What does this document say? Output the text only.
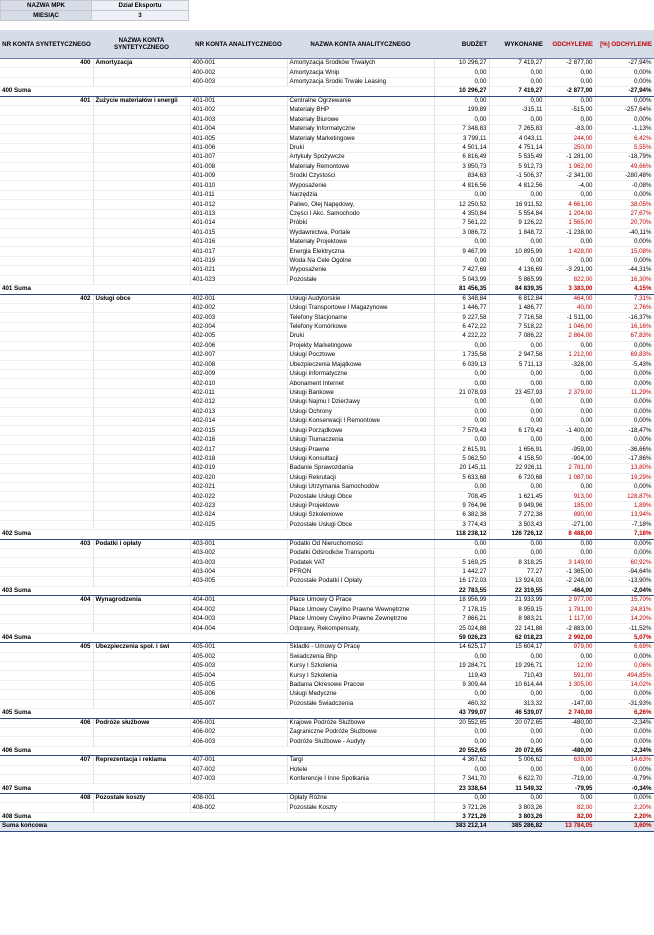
NAZWA MPK	Dział Eksportu
MIESIĄC	3
NR KONTA SYNTETYCZNEGO	NAZWA KONTA SYNTETYCZNEGO	NR KONTA ANALITYCZNEGO	NAZWA KONTA ANALITYCZNEGO	BUDŻET	WYKONANIE	ODCHYLENIE	[%] ODCHYLENIE
400	Amortyzacja	400-001	Amortyzacja Środków Trwałych	10 296,27	7 419,27	-2 877,00	-27,94%
		400-002	Amortyzacja Wnip	0,00	0,00	0,00	0,00%
		400-003	Amortyzacja Środki Trwałe Leasing	0,00	0,00	0,00	0,00%
400 Suma				10 296,27	7 419,27	-2 877,00	-27,94%
401	Zużycie materiałów i energii	401-001	Centralne Ogrzewanie	0,00	0,00	0,00	0,00%
		401-002	Materiały BHP	199,89	-315,11	-515,00	-257,64%
		401-003	Materiały Biurowe	0,00	0,00	0,00	0,00%
		401-004	Materiały Informatyczne	7 348,83	7 265,83	-83,00	-1,13%
		401-005	Materiały Marketingowe	3 799,11	4 043,11	244,00	6,42%
		401-006	Druki	4 501,14	4 751,14	250,00	5,55%
		401-007	Artykuły Spożywcze	6 816,49	5 535,49	-1 281,00	-18,79%
		401-008	Materiały Remontowe	3 950,73	5 912,73	1 962,00	49,66%
		401-009	Środki Czystości	834,63	-1 506,37	-2 341,00	-280,48%
		401-010	Wyposażenie	4 816,56	4 812,56	-4,00	-0,08%
		401-011	Narzędzia	0,00	0,00	0,00	0,00%
		401-012	Paliwo, Olej Napędowy,	12 250,52	16 911,52	4 661,00	38,05%
		401-013	Części I Akc. Samochodo	4 350,84	5 554,84	1 204,00	27,67%
		401-014	Próbki	7 561,22	9 126,22	1 565,00	20,70%
		401-015	Wydawnictwa, Portale	3 086,72	1 848,72	-1 238,00	-40,11%
		401-016	Materiały Projektowe	0,00	0,00	0,00	0,00%
		401-017	Energia Elektryczna	9 467,99	10 895,99	1 428,00	15,08%
		401-019	Woda Na Cele Ogólne	0,00	0,00	0,00	0,00%
		401-021	Wyposażenie	7 427,69	4 136,69	-3 291,00	-44,31%
		401-023	Pozostałe	5 043,99	5 865,99	822,00	16,30%
401 Suma				81 456,35	84 839,35	3 383,00	4,15%
402	Usługi obce	402-001	Usługi Audytorskie	6 348,84	6 812,84	464,00	7,31%
		402-002	Usługi Transportowe I Magazynowe	1 446,77	1 486,77	40,00	2,76%
		402-003	Telefony Stacjonarne	9 227,58	7 716,58	-1 511,00	-16,37%
		402-004	Telefony Komórkowe	6 472,22	7 518,22	1 046,00	16,16%
		402-005	Druki	4 222,22	7 086,22	2 864,00	67,83%
		402-006	Projekty Marketingowe	0,00	0,00	0,00	0,00%
		402-007	Usługi Pocztowe	1 735,58	2 947,58	1 212,00	69,83%
		402-008	Ubezpieczenia Majątkowe	6 039,13	5 711,13	-328,00	-5,43%
		402-009	Usługi Informatyczne	0,00	0,00	0,00	0,00%
		402-010	Abonament Internet	0,00	0,00	0,00	0,00%
		402-011	Usługi Bankowe	21 078,93	23 457,93	2 379,00	11,29%
		402-012	Usługi Najmu I Dzierżawy	0,00	0,00	0,00	0,00%
		402-013	Usługi Ochrony	0,00	0,00	0,00	0,00%
		402-014	Usługi Konserwacji I Remontowe	0,00	0,00	0,00	0,00%
		402-015	Usługi Porządkowe	7 579,43	6 179,43	-1 400,00	-18,47%
		402-016	Usługi Tłumaczenia	0,00	0,00	0,00	0,00%
		402-017	Usługi Prawne	2 615,91	1 656,91	-959,00	-36,66%
		402-018	Usługi Konsultacji	5 062,50	4 158,50	-904,00	-17,86%
		402-019	Badanie Sprawozdania	20 145,11	22 926,11	2 781,00	13,80%
		402-020	Usługi Rekrutacji	5 633,68	6 720,68	1 087,00	19,29%
		402-021	Usługi Utrzymania Samochodów	0,00	0,00	0,00	0,00%
		402-022	Pozostałe Usługi Obce	708,45	1 621,45	913,00	128,87%
		402-023	Usługi Projektowe	9 764,96	9 949,96	185,00	1,89%
		402-024	Usługi Szkoleniowe	6 382,38	7 272,38	890,00	13,94%
		402-025	Pozostałe Usługi Obce	3 774,43	3 503,43	-271,00	-7,18%
402 Suma				118 238,12	126 726,12	8 488,00	7,18%
403	Podatki i opłaty	403-001	Podatki Od Nieruchomości	0,00	0,00	0,00	0,00%
		403-002	Podatki Odśrodków Transportu	0,00	0,00	0,00	0,00%
		403-003	Podatek VAT	5 169,25	8 318,25	3 149,00	60,92%
		403-004	PFRON	1 442,27	77,27	-1 365,00	-94,64%
		403-005	Pozostałe Podatki I Opłaty	16 172,03	13 924,03	-2 248,00	-13,90%
403 Suma				22 783,55	22 319,55	-464,00	-2,04%
404	Wynagrodzenia	404-001	Płace Umowy O Prace	18 956,99	21 933,99	2 977,00	15,70%
		404-002	Płace Umowy Cwyilno Prawne Wewnętrzne	7 178,15	8 959,15	1 781,00	24,81%
		404-003	Płace Umowy Cwyilno Prawne Zewnętrzne	7 866,21	8 983,21	1 117,00	14,20%
		404-004	Odprawy, Rekompensaty,	25 024,88	22 141,88	-2 883,00	-11,52%
404 Suma				59 026,23	62 018,23	2 992,00	5,07%
405	Ubezpieczenia społ. i świ	405-001	Składki - Umowy O Pracę	14 625,17	15 604,17	979,00	6,69%
		405-002	Świadczenia Bhp	0,00	0,00	0,00	0,00%
		405-003	Kursy I Szkolenia	19 284,71	19 296,71	12,00	0,06%
		405-004	Kursy I Szkolenia	119,43	710,43	591,00	494,85%
		405-005	Badania Okresowe Pracow	9 309,44	10 614,44	1 305,00	14,02%
		405-006	Usługi Medyczne	0,00	0,00	0,00	0,00%
		405-007	Pozostałe Świadczenia	460,32	313,32	-147,00	-31,93%
405 Suma				43 799,07	46 539,07	2 740,00	6,26%
406	Podróże służbowe	406-001	Krajowe Podróże Służbowe	20 552,65	20 072,65	-480,00	-2,34%
		406-002	Zagraniczne Podróże Służbowe	0,00	0,00	0,00	0,00%
		406-003	Podróże Służbowe - Audyty	0,00	0,00	0,00	0,00%
406 Suma				20 552,65	20 072,65	-480,00	-2,34%
407	Reprezentacja i reklama	407-001	Targi	4 367,62	5 006,62	639,00	14,63%
		407-002	Hotele	0,00	0,00	0,00	0,00%
		407-003	Konferencje I Inne Spotkania	7 341,70	6 622,70	-719,00	-9,79%
407 Suma				23 338,64	11 549,32	-79,95	-0,34%
408	Pozostałe koszty	408-001	Opłaty Różne	0,00	0,00	0,00	0,00%
		408-002	Pozostałe Koszty	3 721,26	3 803,26	82,00	2,20%
408 Suma				3 721,26	3 803,26	82,00	2,20%
Suma końcowa				383 212,14	385 286,82	13 784,05	3,60%
